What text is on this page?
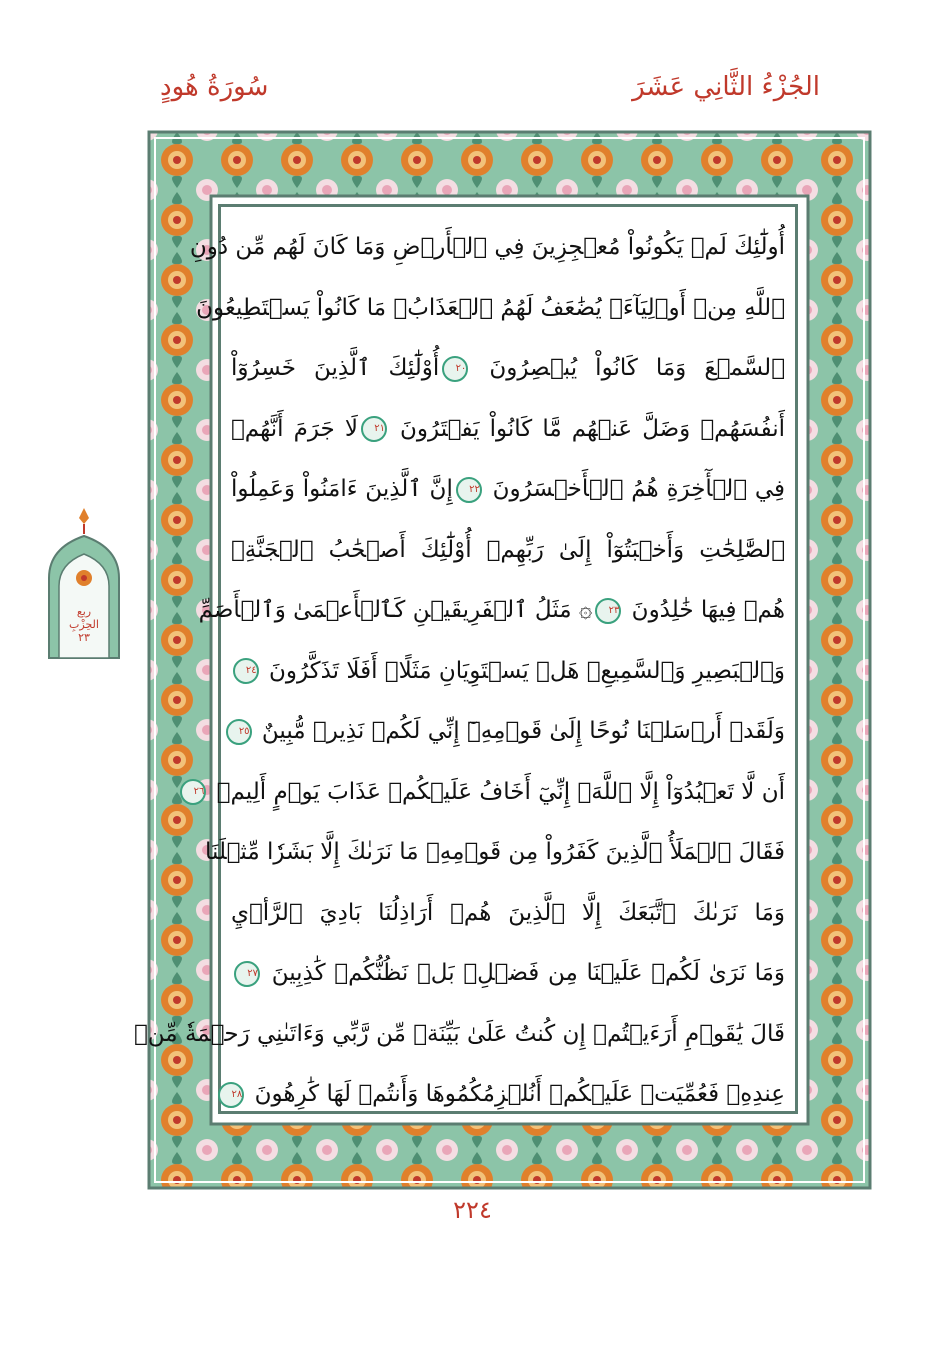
الجُزْءُ الثَّانِي عَشَرَ
سُورَةُ هُودٍ
أُولَٰٓئِكَ لَمۡ يَكُونُواْ مُعۡجِزِينَ فِي ٱلۡأَرۡضِ وَمَا كَانَ لَهُم مِّن دُونِ
ٱللَّهِ مِنۡ أَوۡلِيَآءَۘ يُضَٰعَفُ لَهُمُ ٱلۡعَذَابُۚ مَا كَانُواْ يَسۡتَطِيعُونَ
ٱلسَّمۡعَ وَمَا كَانُواْ يُبۡصِرُونَ ٢٠أُوْلَٰٓئِكَ ٱلَّذِينَ خَسِرُوٓاْ
أَنفُسَهُمۡ وَضَلَّ عَنۡهُم مَّا كَانُواْ يَفۡتَرُونَ ٢١لَا جَرَمَ أَنَّهُمۡ
فِي ٱلۡأٓخِرَةِ هُمُ ٱلۡأَخۡسَرُونَ ٢٢إِنَّ ٱلَّذِينَ ءَامَنُواْ وَعَمِلُواْ
ٱلصَّٰلِحَٰتِ وَأَخۡبَتُوٓاْ إِلَىٰ رَبِّهِمۡ أُوْلَٰٓئِكَ أَصۡحَٰبُ ٱلۡجَنَّةِۖ
هُمۡ فِيهَا خَٰلِدُونَ ٢٣۞ مَثَلُ ٱلۡفَرِيقَيۡنِ كَٱلۡأَعۡمَىٰ وَٱلۡأَصَمِّ
وَٱلۡبَصِيرِ وَٱلسَّمِيعِۚ هَلۡ يَسۡتَوِيَانِ مَثَلًاۚ أَفَلَا تَذَكَّرُونَ ٢٤
وَلَقَدۡ أَرۡسَلۡنَا نُوحًا إِلَىٰ قَوۡمِهِۦٓ إِنِّي لَكُمۡ نَذِيرٞ مُّبِينٌ ٢٥
أَن لَّا تَعۡبُدُوٓاْ إِلَّا ٱللَّهَۖ إِنِّيٓ أَخَافُ عَلَيۡكُمۡ عَذَابَ يَوۡمٍ أَلِيمٖ ٢٦
فَقَالَ ٱلۡمَلَأُ ٱلَّذِينَ كَفَرُواْ مِن قَوۡمِهِۦ مَا نَرَىٰكَ إِلَّا بَشَرٗا مِّثۡلَنَا
وَمَا نَرَىٰكَ ٱتَّبَعَكَ إِلَّا ٱلَّذِينَ هُمۡ أَرَاذِلُنَا بَادِيَ ٱلرَّأۡيِ
وَمَا نَرَىٰ لَكُمۡ عَلَيۡنَا مِن فَضۡلِۭ بَلۡ نَظُنُّكُمۡ كَٰذِبِينَ ٢٧
قَالَ يَٰقَوۡمِ أَرَءَيۡتُمۡ إِن كُنتُ عَلَىٰ بَيِّنَةٖ مِّن رَّبِّي وَءَاتَىٰنِي رَحۡمَةٗ مِّنۡ
عِندِهِۦ فَعُمِّيَتۡ عَلَيۡكُمۡ أَنُلۡزِمُكُمُوهَا وَأَنتُمۡ لَهَا كَٰرِهُونَ ٢٨
ربع
الحِزْبِ
٢٣
٢٢٤
